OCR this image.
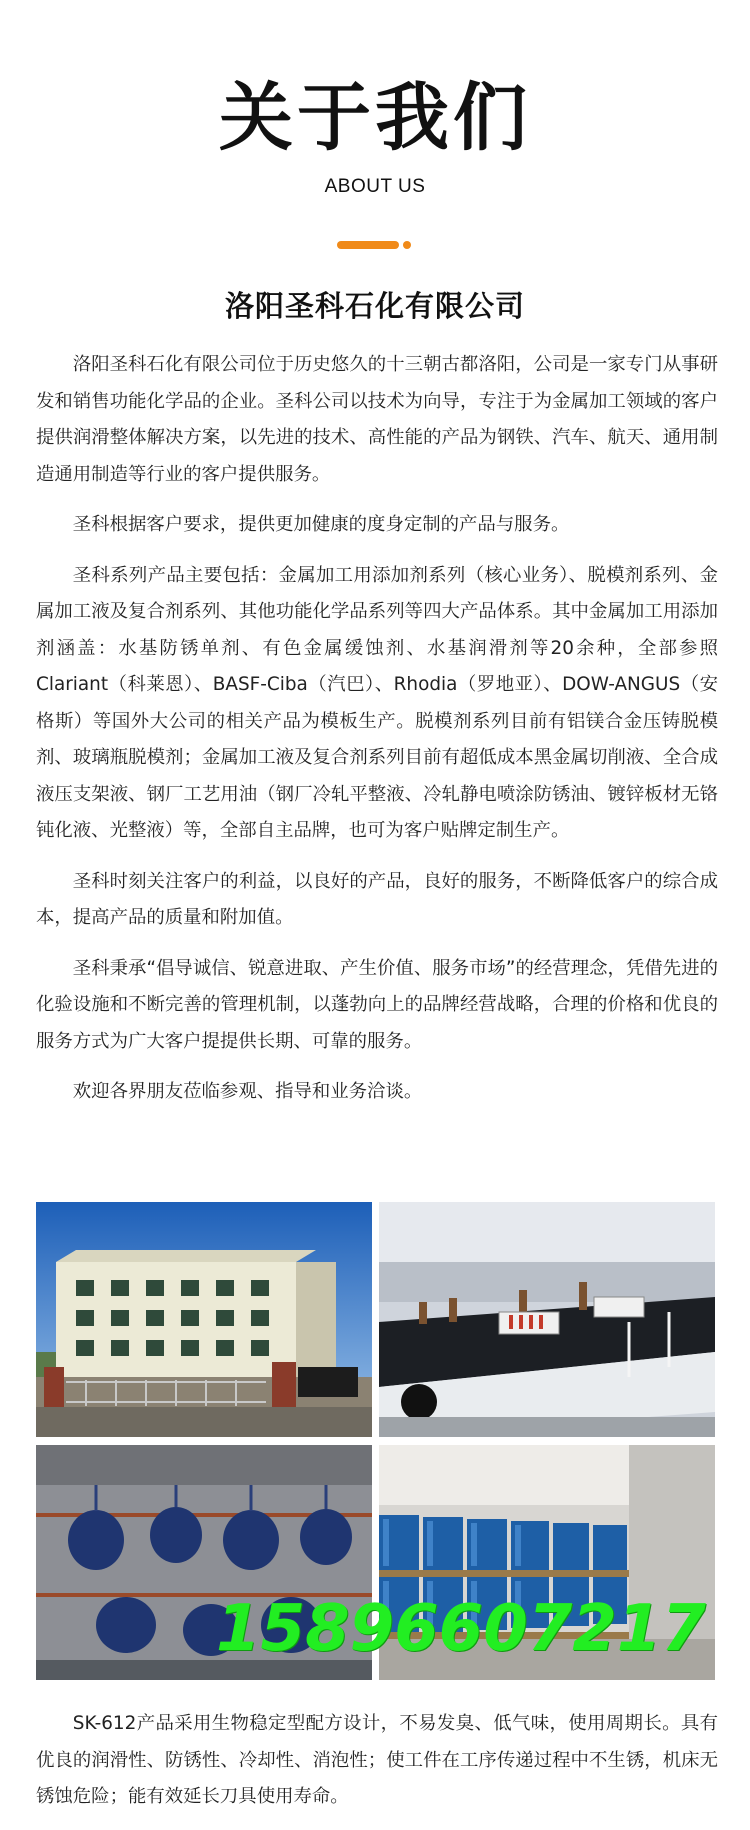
关于我们
ABOUT US
洛阳圣科石化有限公司

洛阳圣科石化有限公司位于历史悠久的十三朝古都洛阳，公司是一家专门从事研发和销售功能化学品的企业。圣科公司以技术为向导，专注于为金属加工领域的客户提供润滑整体解决方案，以先进的技术、高性能的产品为钢铁、汽车、航天、通用制造通用制造等行业的客户提供服务。

圣科根据客户要求，提供更加健康的度身定制的产品与服务。

圣科系列产品主要包括：金属加工用添加剂系列（核心业务）、脱模剂系列、金属加工液及复合剂系列、其他功能化学品系列等四大产品体系。其中金属加工用添加剂涵盖：水基防锈单剂、有色金属缓蚀剂、水基润滑剂等20余种，全部参照Clariant（科莱恩）、BASF-Ciba（汽巴）、Rhodia（罗地亚）、DOW-ANGUS（安格斯）等国外大公司的相关产品为模板生产。脱模剂系列目前有铝镁合金压铸脱模剂、玻璃瓶脱模剂；金属加工液及复合剂系列目前有超低成本黑金属切削液、全合成液压支架液、钢厂工艺用油（钢厂冷轧平整液、冷轧静电喷涂防锈油、镀锌板材无铬钝化液、光整液）等，全部自主品牌，也可为客户贴牌定制生产。

圣科时刻关注客户的利益，以良好的产品，良好的服务，不断降低客户的综合成本，提高产品的质量和附加值。

圣科秉承“倡导诚信、锐意进取、产生价值、服务市场”的经营理念，凭借先进的化验设施和不断完善的管理机制，以蓬勃向上的品牌经营战略，合理的价格和优良的服务方式为广大客户提提供长期、可靠的服务。

欢迎各界朋友莅临参观、指导和业务洽谈。

15896607217

SK-612产品采用生物稳定型配方设计，不易发臭、低气味，使用周期长。具有优良的润滑性、防锈性、冷却性、消泡性；使工件在工序传递过程中不生锈，机床无锈蚀危险；能有效延长刀具使用寿命。
